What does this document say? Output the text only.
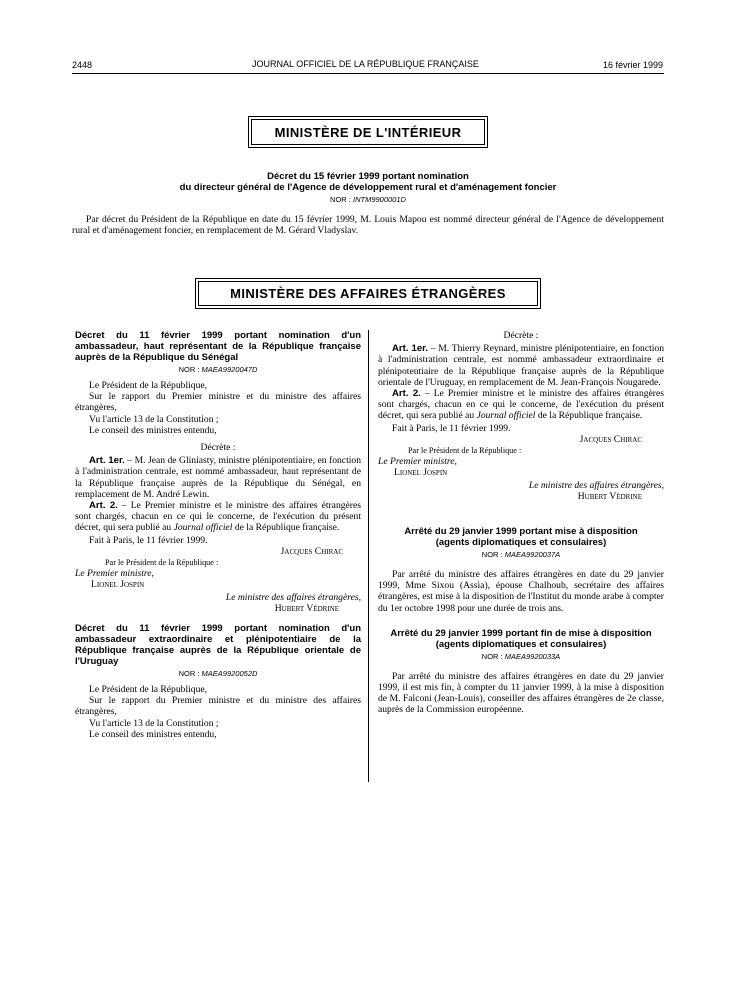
2448	JOURNAL OFFICIEL DE LA RÉPUBLIQUE FRANÇAISE	16 février 1999
MINISTÈRE DE L'INTÉRIEUR
Décret du 15 février 1999 portant nomination
du directeur général de l'Agence de développement rural et d'aménagement foncier
NOR : INTM9900001D
Par décret du Président de la République en date du 15 février 1999, M. Louis Mapou est nommé directeur général de l'Agence de développement rural et d'aménagement foncier, en remplacement de M. Gérard Vladyslav.
MINISTÈRE DES AFFAIRES ÉTRANGÈRES
Décret du 11 février 1999 portant nomination d'un ambassadeur, haut représentant de la République française auprès de la République du Sénégal
NOR : MAEA9920047D

Le Président de la République,

Sur le rapport du Premier ministre et du ministre des affaires étrangères,

Vu l'article 13 de la Constitution ;

Le conseil des ministres entendu,

Décrète :

Art. 1er. – M. Jean de Gliniasty, ministre plénipotentiaire, en fonction à l'administration centrale, est nommé ambassadeur, haut représentant de la République française auprès de la République du Sénégal, en remplacement de M. André Lewin.

Art. 2. – Le Premier ministre et le ministre des affaires étrangères sont chargés, chacun en ce qui le concerne, de l'exécution du présent décret, qui sera publié au Journal officiel de la République française.

Fait à Paris, le 11 février 1999.

Jacques Chirac

Par le Président de la République :

Le Premier ministre,

Lionel Jospin

Le ministre des affaires étrangères,

Hubert Védrine

Décret du 11 février 1999 portant nomination d'un ambassadeur extraordinaire et plénipotentiaire de la République française auprès de la République orientale de l'Uruguay
NOR : MAEA9920052D

Le Président de la République,

Sur le rapport du Premier ministre et du ministre des affaires étrangères,

Vu l'article 13 de la Constitution ;

Le conseil des ministres entendu,

Décrète :

Art. 1er. – M. Thierry Reynard, ministre plénipotentiaire, en fonction à l'administration centrale, est nommé ambassadeur extraordinaire et plénipotentiaire de la République française auprès de la République orientale de l'Uruguay, en remplacement de M. Jean-François Nougarede.

Art. 2. – Le Premier ministre et le ministre des affaires étrangères sont chargés, chacun en ce qui le concerne, de l'exécution du présent décret, qui sera publié au Journal officiel de la République française.

Fait à Paris, le 11 février 1999.

Jacques Chirac

Par le Président de la République :

Le Premier ministre,

Lionel Jospin

Le ministre des affaires étrangères,

Hubert Védrine

Arrêté du 29 janvier 1999 portant mise à disposition (agents diplomatiques et consulaires)
NOR : MAEA9920037A
Par arrêté du ministre des affaires étrangères en date du 29 janvier 1999, Mme Sixou (Assia), épouse Chalhoub, secrétaire des affaires étrangères, est mise à la disposition de l'Institut du monde arabe à compter du 1er octobre 1998 pour une durée de trois ans.
Arrêté du 29 janvier 1999 portant fin de mise à disposition (agents diplomatiques et consulaires)
NOR : MAEA9920033A
Par arrêté du ministre des affaires étrangères en date du 29 janvier 1999, il est mis fin, à compter du 11 janvier 1999, à la mise à disposition de M. Falconi (Jean-Louis), conseiller des affaires étrangères de 2e classe, auprès de la Commission européenne.
